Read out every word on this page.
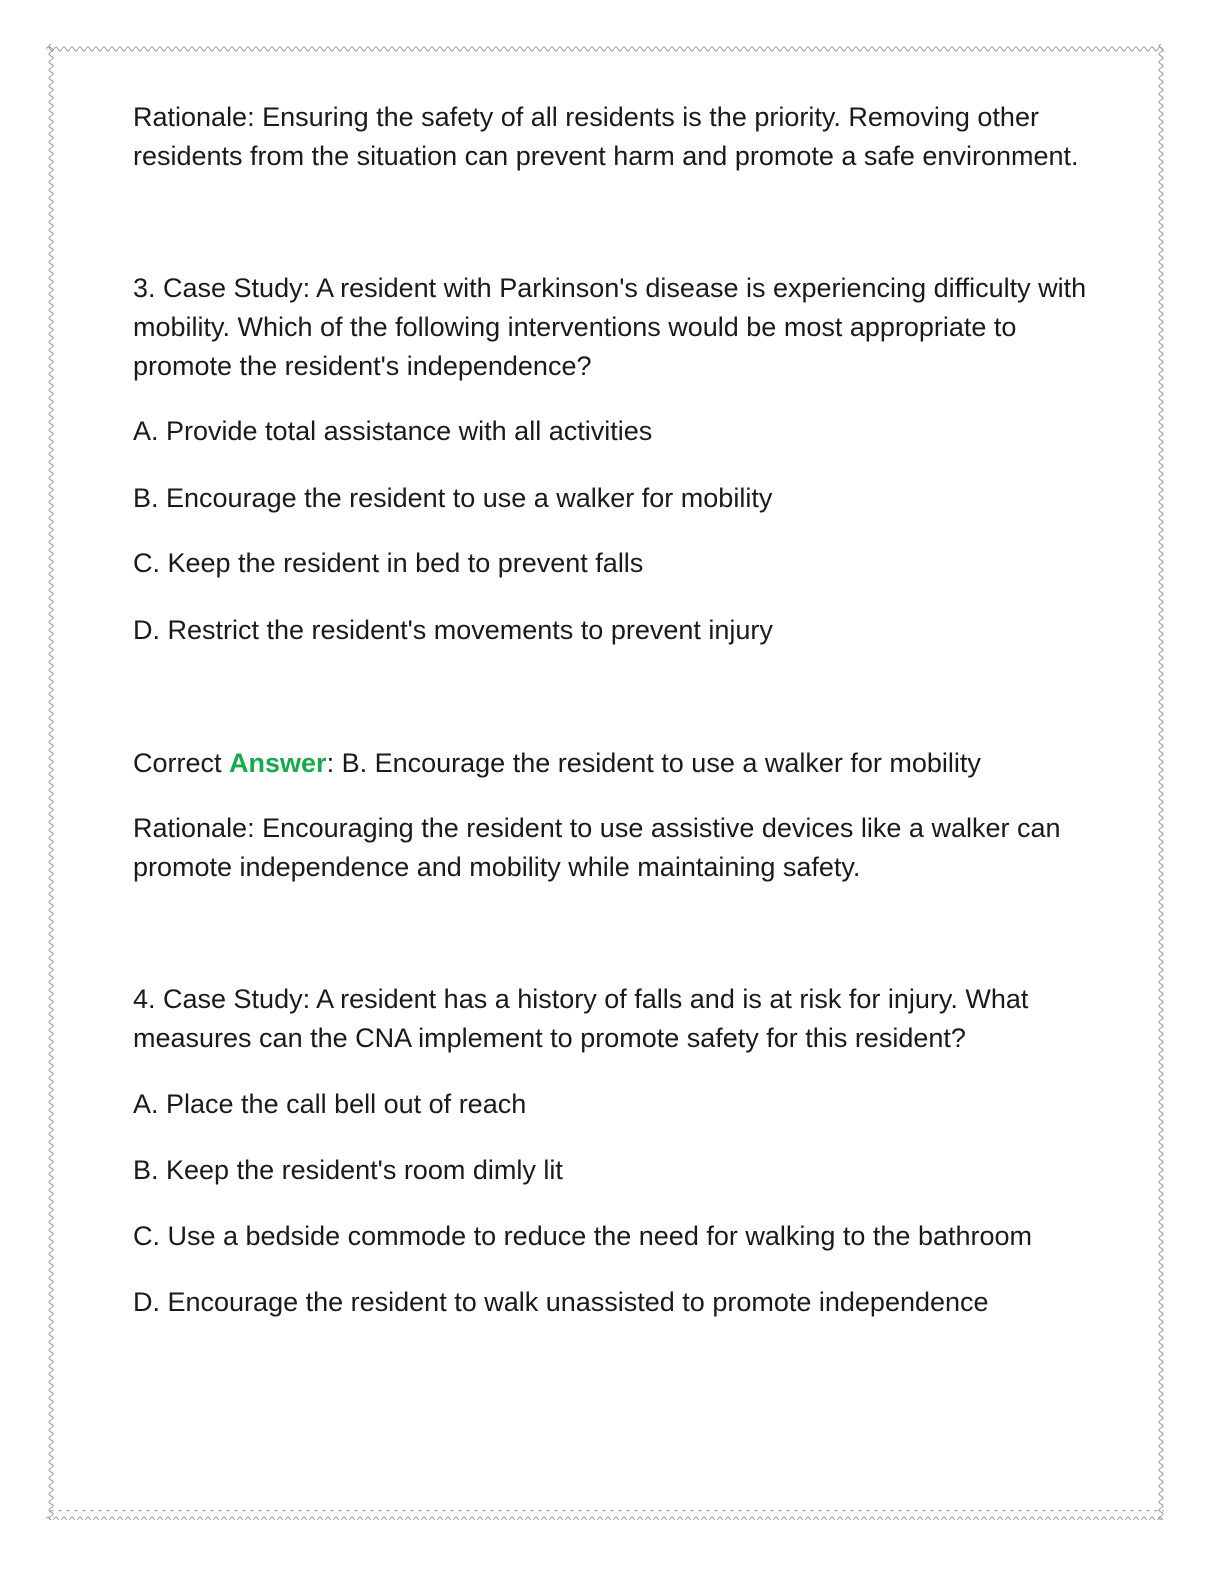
Rationale: Ensuring the safety of all residents is the priority. Removing other residents from the situation can prevent harm and promote a safe environment.

3. Case Study: A resident with Parkinson's disease is experiencing difficulty with mobility. Which of the following interventions would be most appropriate to promote the resident's independence?

A. Provide total assistance with all activities

B. Encourage the resident to use a walker for mobility

C. Keep the resident in bed to prevent falls

D. Restrict the resident's movements to prevent injury

Correct Answer: B. Encourage the resident to use a walker for mobility

Rationale: Encouraging the resident to use assistive devices like a walker can promote independence and mobility while maintaining safety.

4. Case Study: A resident has a history of falls and is at risk for injury. What measures can the CNA implement to promote safety for this resident?

A. Place the call bell out of reach

B. Keep the resident's room dimly lit

C. Use a bedside commode to reduce the need for walking to the bathroom

D. Encourage the resident to walk unassisted to promote independence
